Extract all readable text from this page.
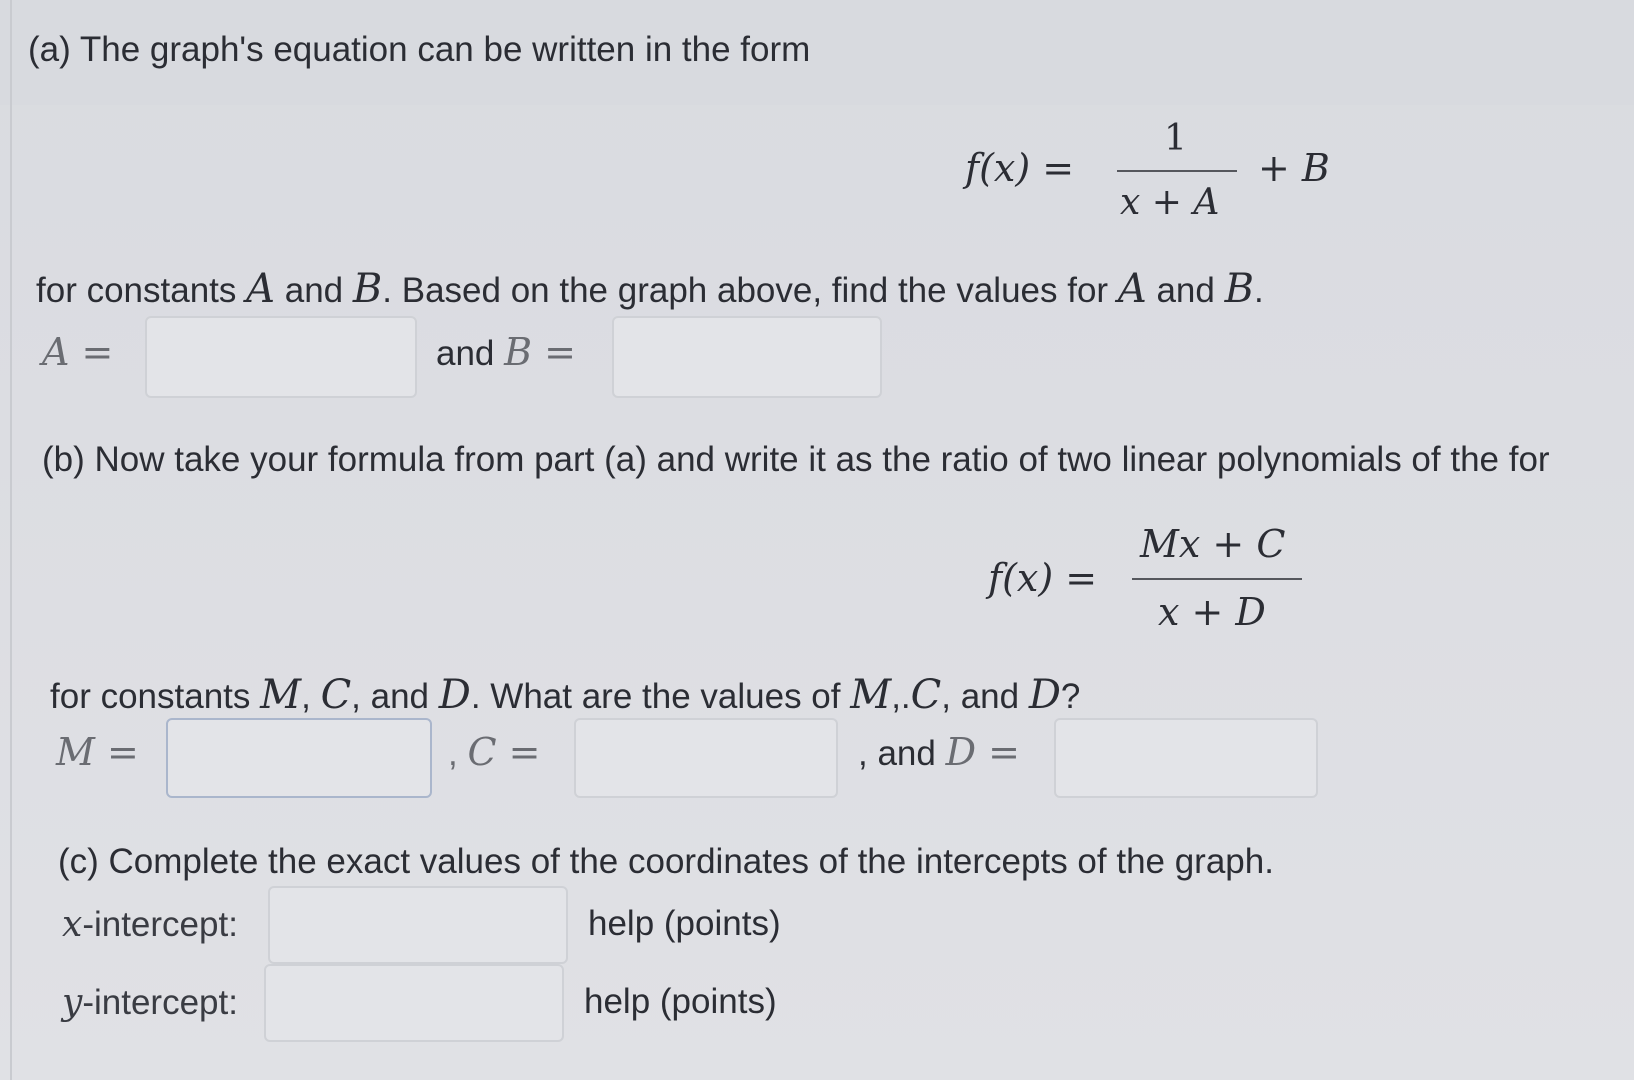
(a) The graph's equation can be written in the form
f(x) =
1
x + A
+ B
for constants A and B. Based on the graph above, find the values for A and B.
A =	and B =
(b) Now take your formula from part (a) and write it as the ratio of two linear polynomials of the for
f(x) =
Mx + C
x + D
for constants M, C, and D. What are the values of M,.C, and D?
M =	, C =	, and D =
(c) Complete the exact values of the coordinates of the intercepts of the graph.
x-intercept:	help (points)
y-intercept:	help (points)
